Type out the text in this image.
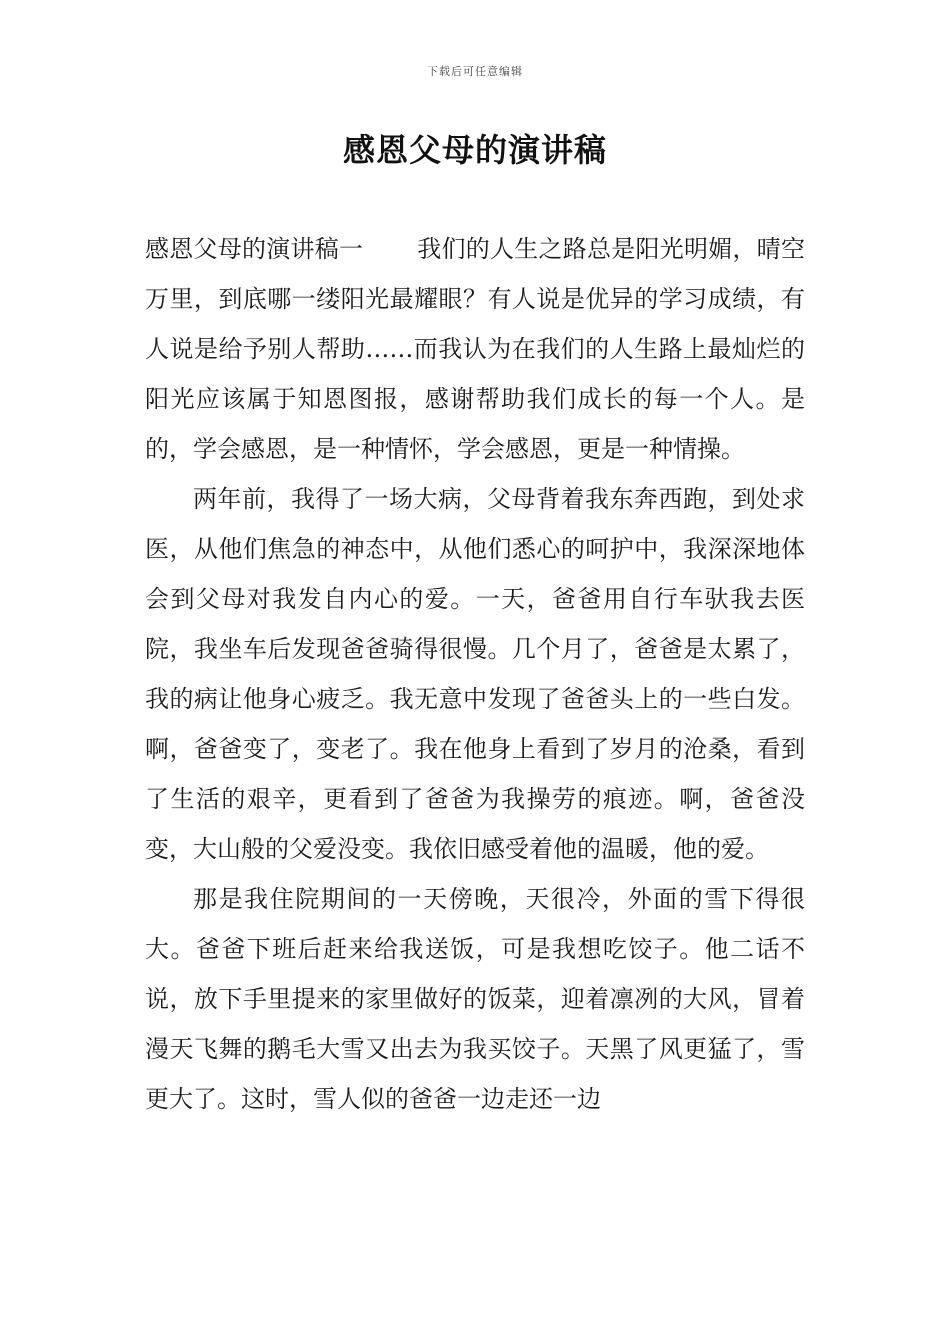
下载后可任意编辑
感恩父母的演讲稿

感恩父母的演讲稿一 我们的人生之路总是阳光明媚，晴空万里，到底哪一缕阳光最耀眼？有人说是优异的学习成绩，有人说是给予别人帮助……而我认为在我们的人生路上最灿烂的阳光应该属于知恩图报，感谢帮助我们成长的每一个人。是的，学会感恩，是一种情怀，学会感恩，更是一种情操。

两年前，我得了一场大病，父母背着我东奔西跑，到处求医，从他们焦急的神态中，从他们悉心的呵护中，我深深地体会到父母对我发自内心的爱。一天，爸爸用自行车驮我去医院，我坐车后发现爸爸骑得很慢。几个月了，爸爸是太累了，我的病让他身心疲乏。我无意中发现了爸爸头上的一些白发。啊，爸爸变了，变老了。我在他身上看到了岁月的沧桑，看到了生活的艰辛，更看到了爸爸为我操劳的痕迹。啊，爸爸没变，大山般的父爱没变。我依旧感受着他的温暖，他的爱。

那是我住院期间的一天傍晚，天很冷，外面的雪下得很大。爸爸下班后赶来给我送饭，可是我想吃饺子。他二话不说，放下手里提来的家里做好的饭菜，迎着凛冽的大风，冒着漫天飞舞的鹅毛大雪又出去为我买饺子。天黑了风更猛了，雪更大了。这时，雪人似的爸爸一边走还一边
